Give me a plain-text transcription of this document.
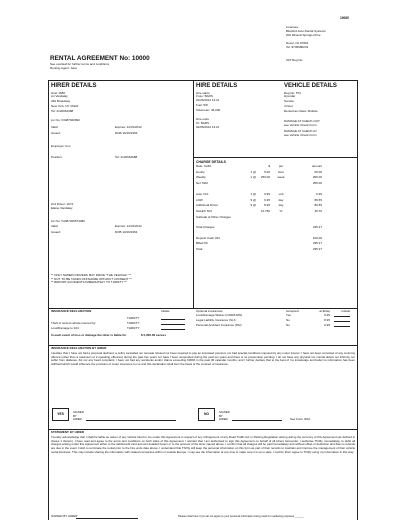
10060
Licensee:
Bluebird Auto Rental Systems
200 Mineral Springs Drive
Dover, NJ 07801
Tel: 9736980243
VAT Reg No:
RENTAL AGREEMENT No: 10000
See overleaf for further terms and conditions
Renting Agent: Jane
HIRER DETAILS
Hirer 1680
An Vandalay
329 Broadway
New York, NY 10101
Tel: 2120964488
Lic No: V3487920992
Valid:	Expires: 12/31/2012
Issued:	DOB 10/19/1963
Employer: Foo
Position:	Tel: 2120964688
2nd Driver: 1674
Elaine Vandalay
Lic No: V3487329673486
Valid:	Expires: 12/31/2012
Issued:	DOB 10/19/1963
** ONLY NAMED DRIVERS MAY DRIVE "THE VEHICLE" **
** NOT TO BE TAKEN OFFSHORE WITHOUT CONSENT **
** REPORT ACCIDENTS IMMEDIATELY TO THRIFTY **
HIRE DETAILS
Hire starts
From: BARS
01/26/2012 13:21
Fuel: 5/8
Odometer: 46,000
Hire ends
To: BARS
02/06/2012 13:21
VEHICLE DETAILS
Reg No: 574
Hyundai
Sonata
4 Door
Rented as Class: Midsize
DAMAGE AT CHECK-OUT
see Vehicle Check Form
DAMAGE AT CHECK-IN
see Vehicle Check Form
CHARGE DETAILS
Rate: Us60	$	per	amount
Hourly	1 @	5.00	hour	05.00
Weekly	1 @	250.00	week	250.00
Net T&M	255.00
Auto VLF	1 @	0.99	unit	0.99
LDW	9 @	9.95	day	89.55
Additional Driver	9 @	8.95	day	80.55
SALES TAX	12.750	%	49.76
Subtotal of Other Charges
Total Charges	435.37
Deposit Cash 324	100.00
Billed 06	335.37
Total	335.37
INSURANCE DECLARATION	Initials
THRIFTY
Theft of rented vehicle insured by:	THRIFTY
Loss/Damage to 324	THRIFTY
In each event of loss or damage the Hirer is liable for	$ 5,000.00 excess
Optional insurances	Accepted	at $/day	Initials
Loss/Damage Waiver (CDW/LDW)	Yes	9.95
Legal Liability Insurance (SLI)	No	8.95
Personal Accident Insurance (PAI)	No	6.95
INSURANCE DECLARATION BY HIRER
I declare that: I have not had a proposal declined, a policy cancelled nor renewal refused nor been required to pay an increased premium nor had special conditions imposed by any motor insurer; I have not been convicted of any motoring offence (other than a maximum of 2 speeding offences) during the past five years nor have I been suspended during the past ten years and there is no prosecution pending; I do not have any physical nor mental defect nor infirmity nor suffer from diabetes, fits nor any heart complaint; I have not had any accidents and/or claims exceeding €3000 in the past 36 calendar months; and I further declare that to the best of my knowledge and belief no information has been withheld which would influence the provision of motor insurance to me and this declaration shall form the basis of the contract of insurance.
YES
SIGNED BY HIRER
NO
SIGNED BY HIRER	See Form IF02
STATEMENT BY HIRER
I hereby acknowledge that I shall be liable as owner of any vehicle hired to me under this Agreement in respect of any infringement of any Road Traffic Act or Parking Regulation arising during the currency of this Agreement (as defined in clause 1 therein). I have read and agree to the terms and conditions on both sides of this Agreement. I warrant that I am authorised to sign this Agreement on behalf of all Hirers hereunder. I authorise Thrifty, immediately, to debit all charges arising under this Agreement either to the debit/credit card account detailed herein or to the account of the Hirer named above. I confirm that all charges will be paid immediately and without offset or deduction and that no refunds are due in the event I wish to terminate the rental prior to the hire ends date above. I understand that Thrifty will keep the personal information on this form as part of their records to maintain and improve the management of their vehicle rental business. This may include sharing the information with related companies within or outside Europe. I may see the information at any time to make sure it is up to date. I confirm that I agree to Thrifty using my information in this way.
SIGNED BY HIRER	Please initial here if you do not agree to your personal information being used for marketing purposes ______
